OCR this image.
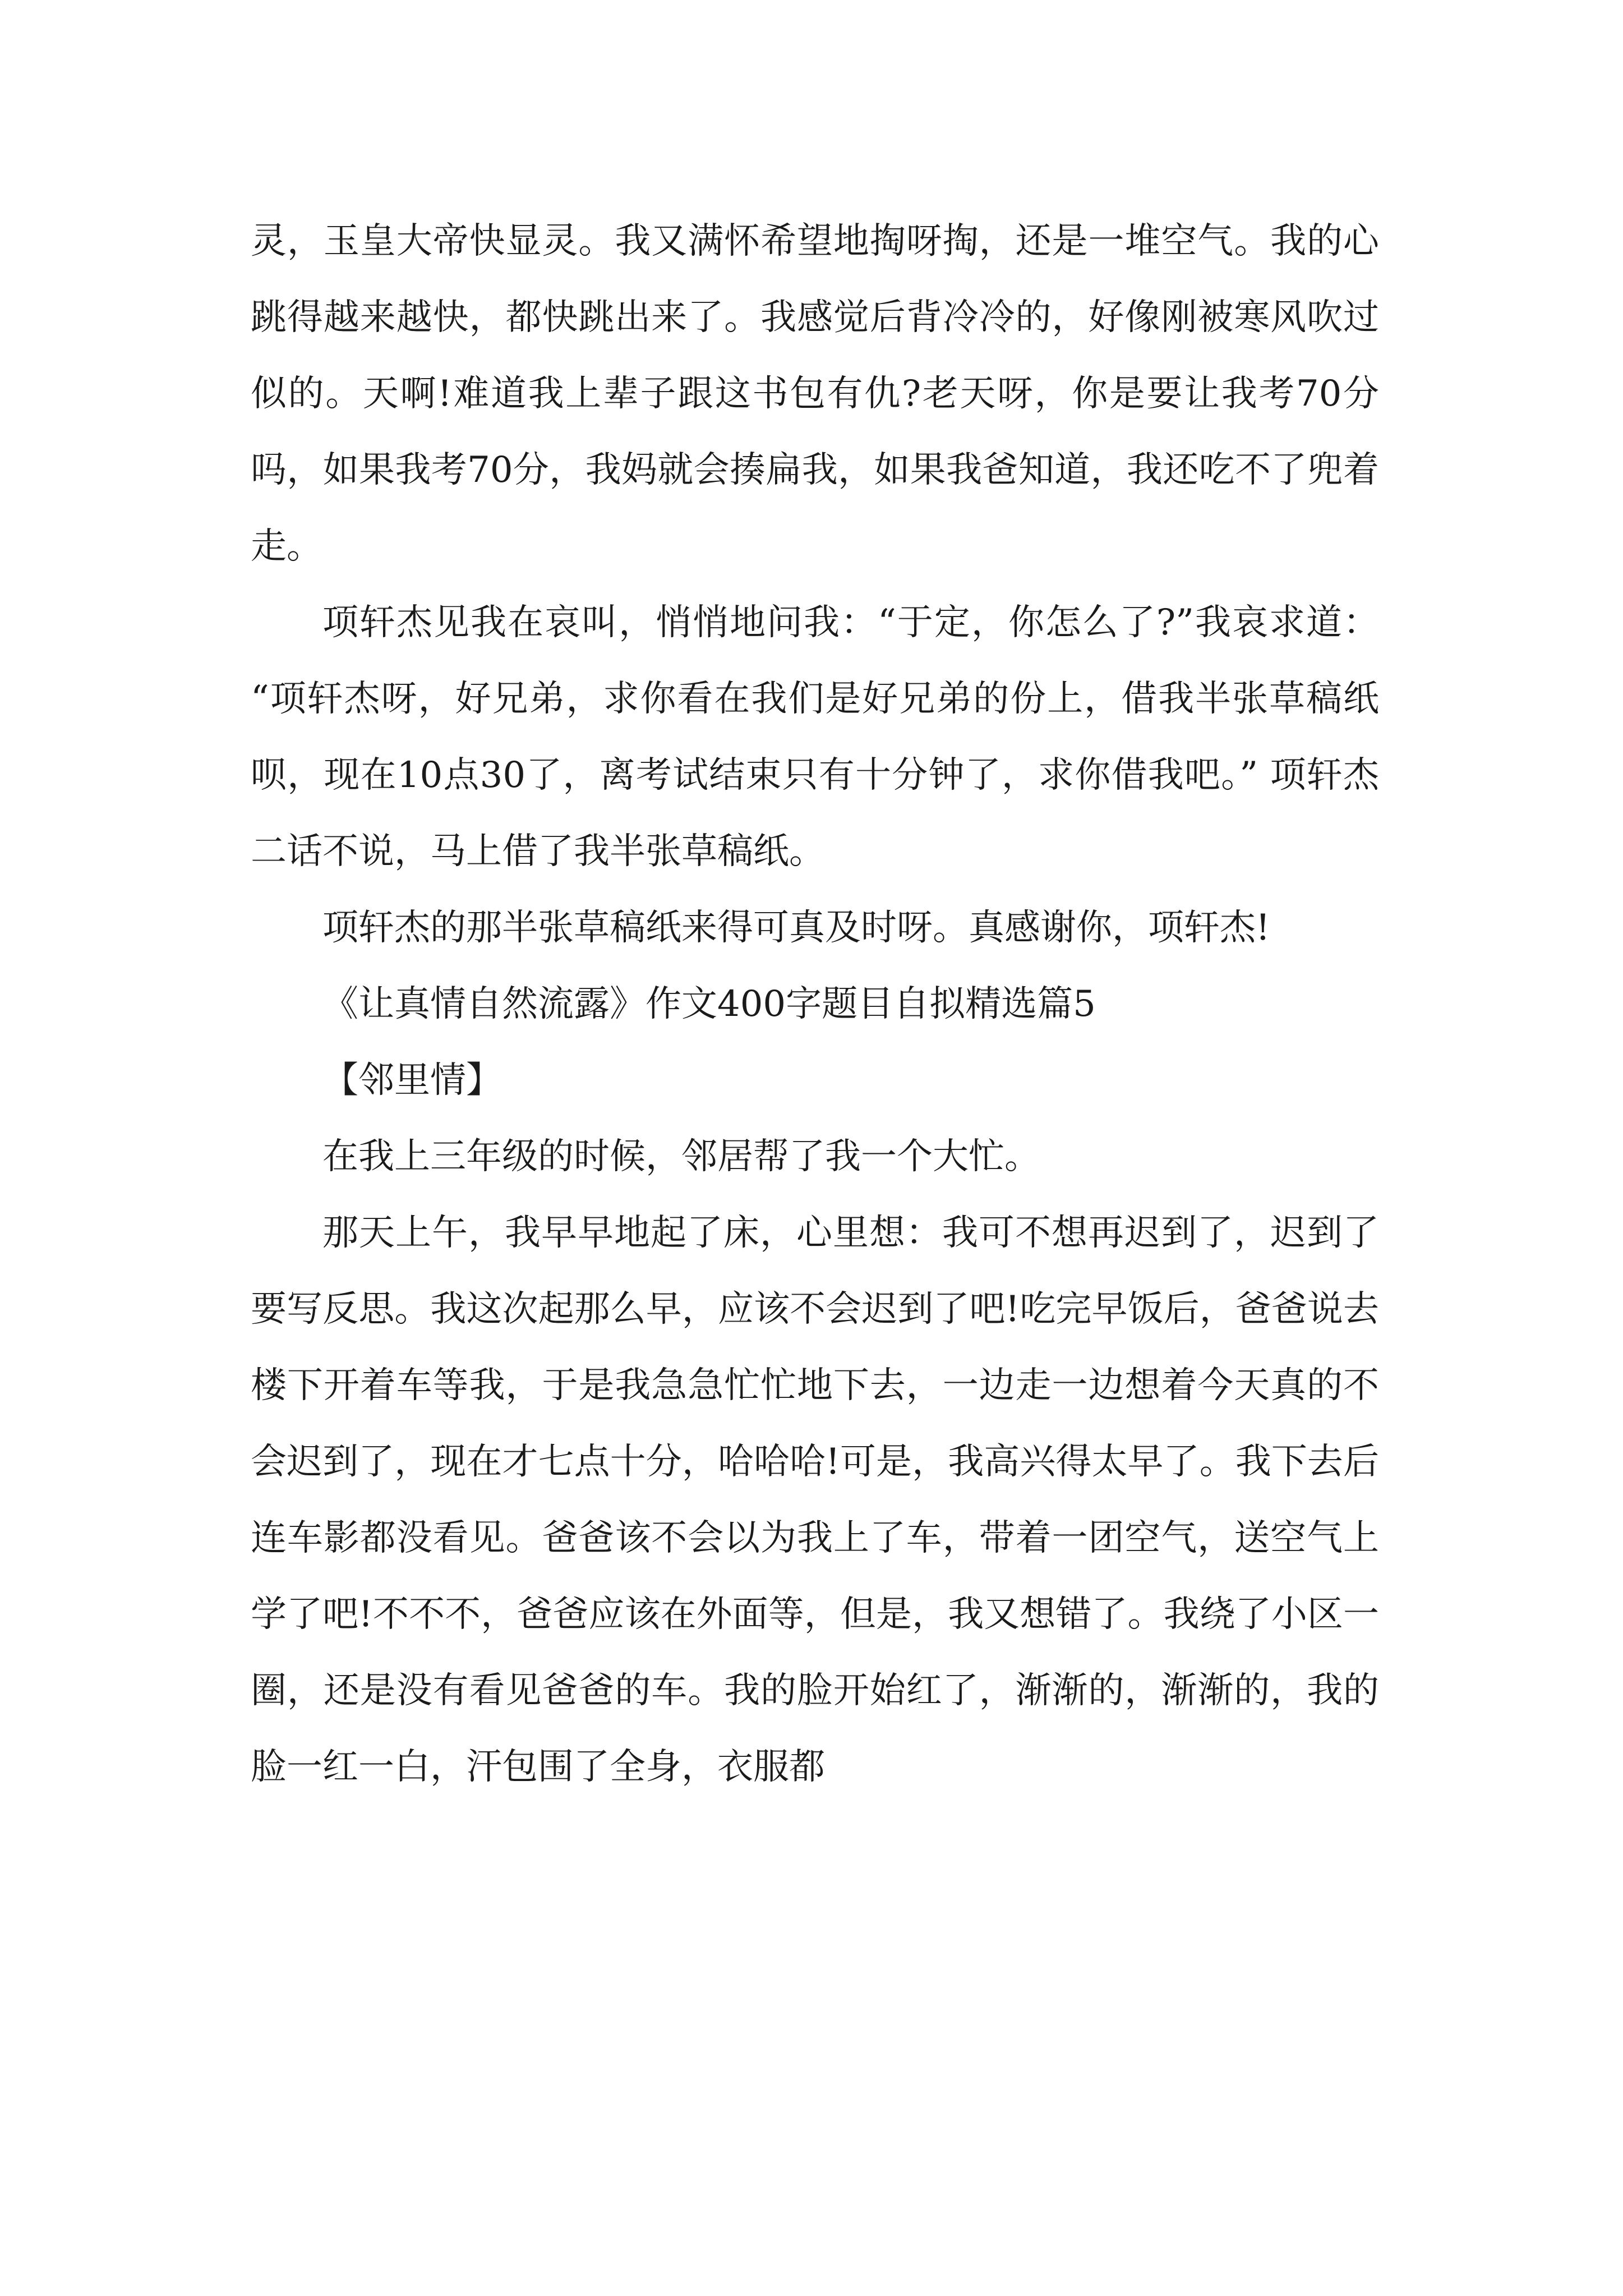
灵，玉皇大帝快显灵。我又满怀希望地掏呀掏，还是一堆空气。我的心跳得越来越快，都快跳出来了。我感觉后背冷冷的，好像刚被寒风吹过似的。天啊!难道我上辈子跟这书包有仇?老天呀，你是要让我考70分吗，如果我考70分，我妈就会揍扁我，如果我爸知道，我还吃不了兜着走。

项轩杰见我在哀叫，悄悄地问我：“于定，你怎么了?”我哀求道： “项轩杰呀，好兄弟，求你看在我们是好兄弟的份上，借我半张草稿纸呗，现在10点30了，离考试结束只有十分钟了，求你借我吧。” 项轩杰二话不说，马上借了我半张草稿纸。

项轩杰的那半张草稿纸来得可真及时呀。真感谢你，项轩杰!

《让真情自然流露》作文400字题目自拟精选篇5

【邻里情】

在我上三年级的时候，邻居帮了我一个大忙。

那天上午，我早早地起了床，心里想：我可不想再迟到了，迟到了要写反思。我这次起那么早，应该不会迟到了吧!吃完早饭后，爸爸说去楼下开着车等我，于是我急急忙忙地下去，一边走一边想着今天真的不会迟到了，现在才七点十分，哈哈哈!可是，我高兴得太早了。我下去后连车影都没看见。爸爸该不会以为我上了车，带着一团空气，送空气上学了吧!不不不，爸爸应该在外面等，但是，我又想错了。我绕了小区一圈，还是没有看见爸爸的车。我的脸开始红了，渐渐的，渐渐的，我的脸一红一白，汗包围了全身，衣服都
